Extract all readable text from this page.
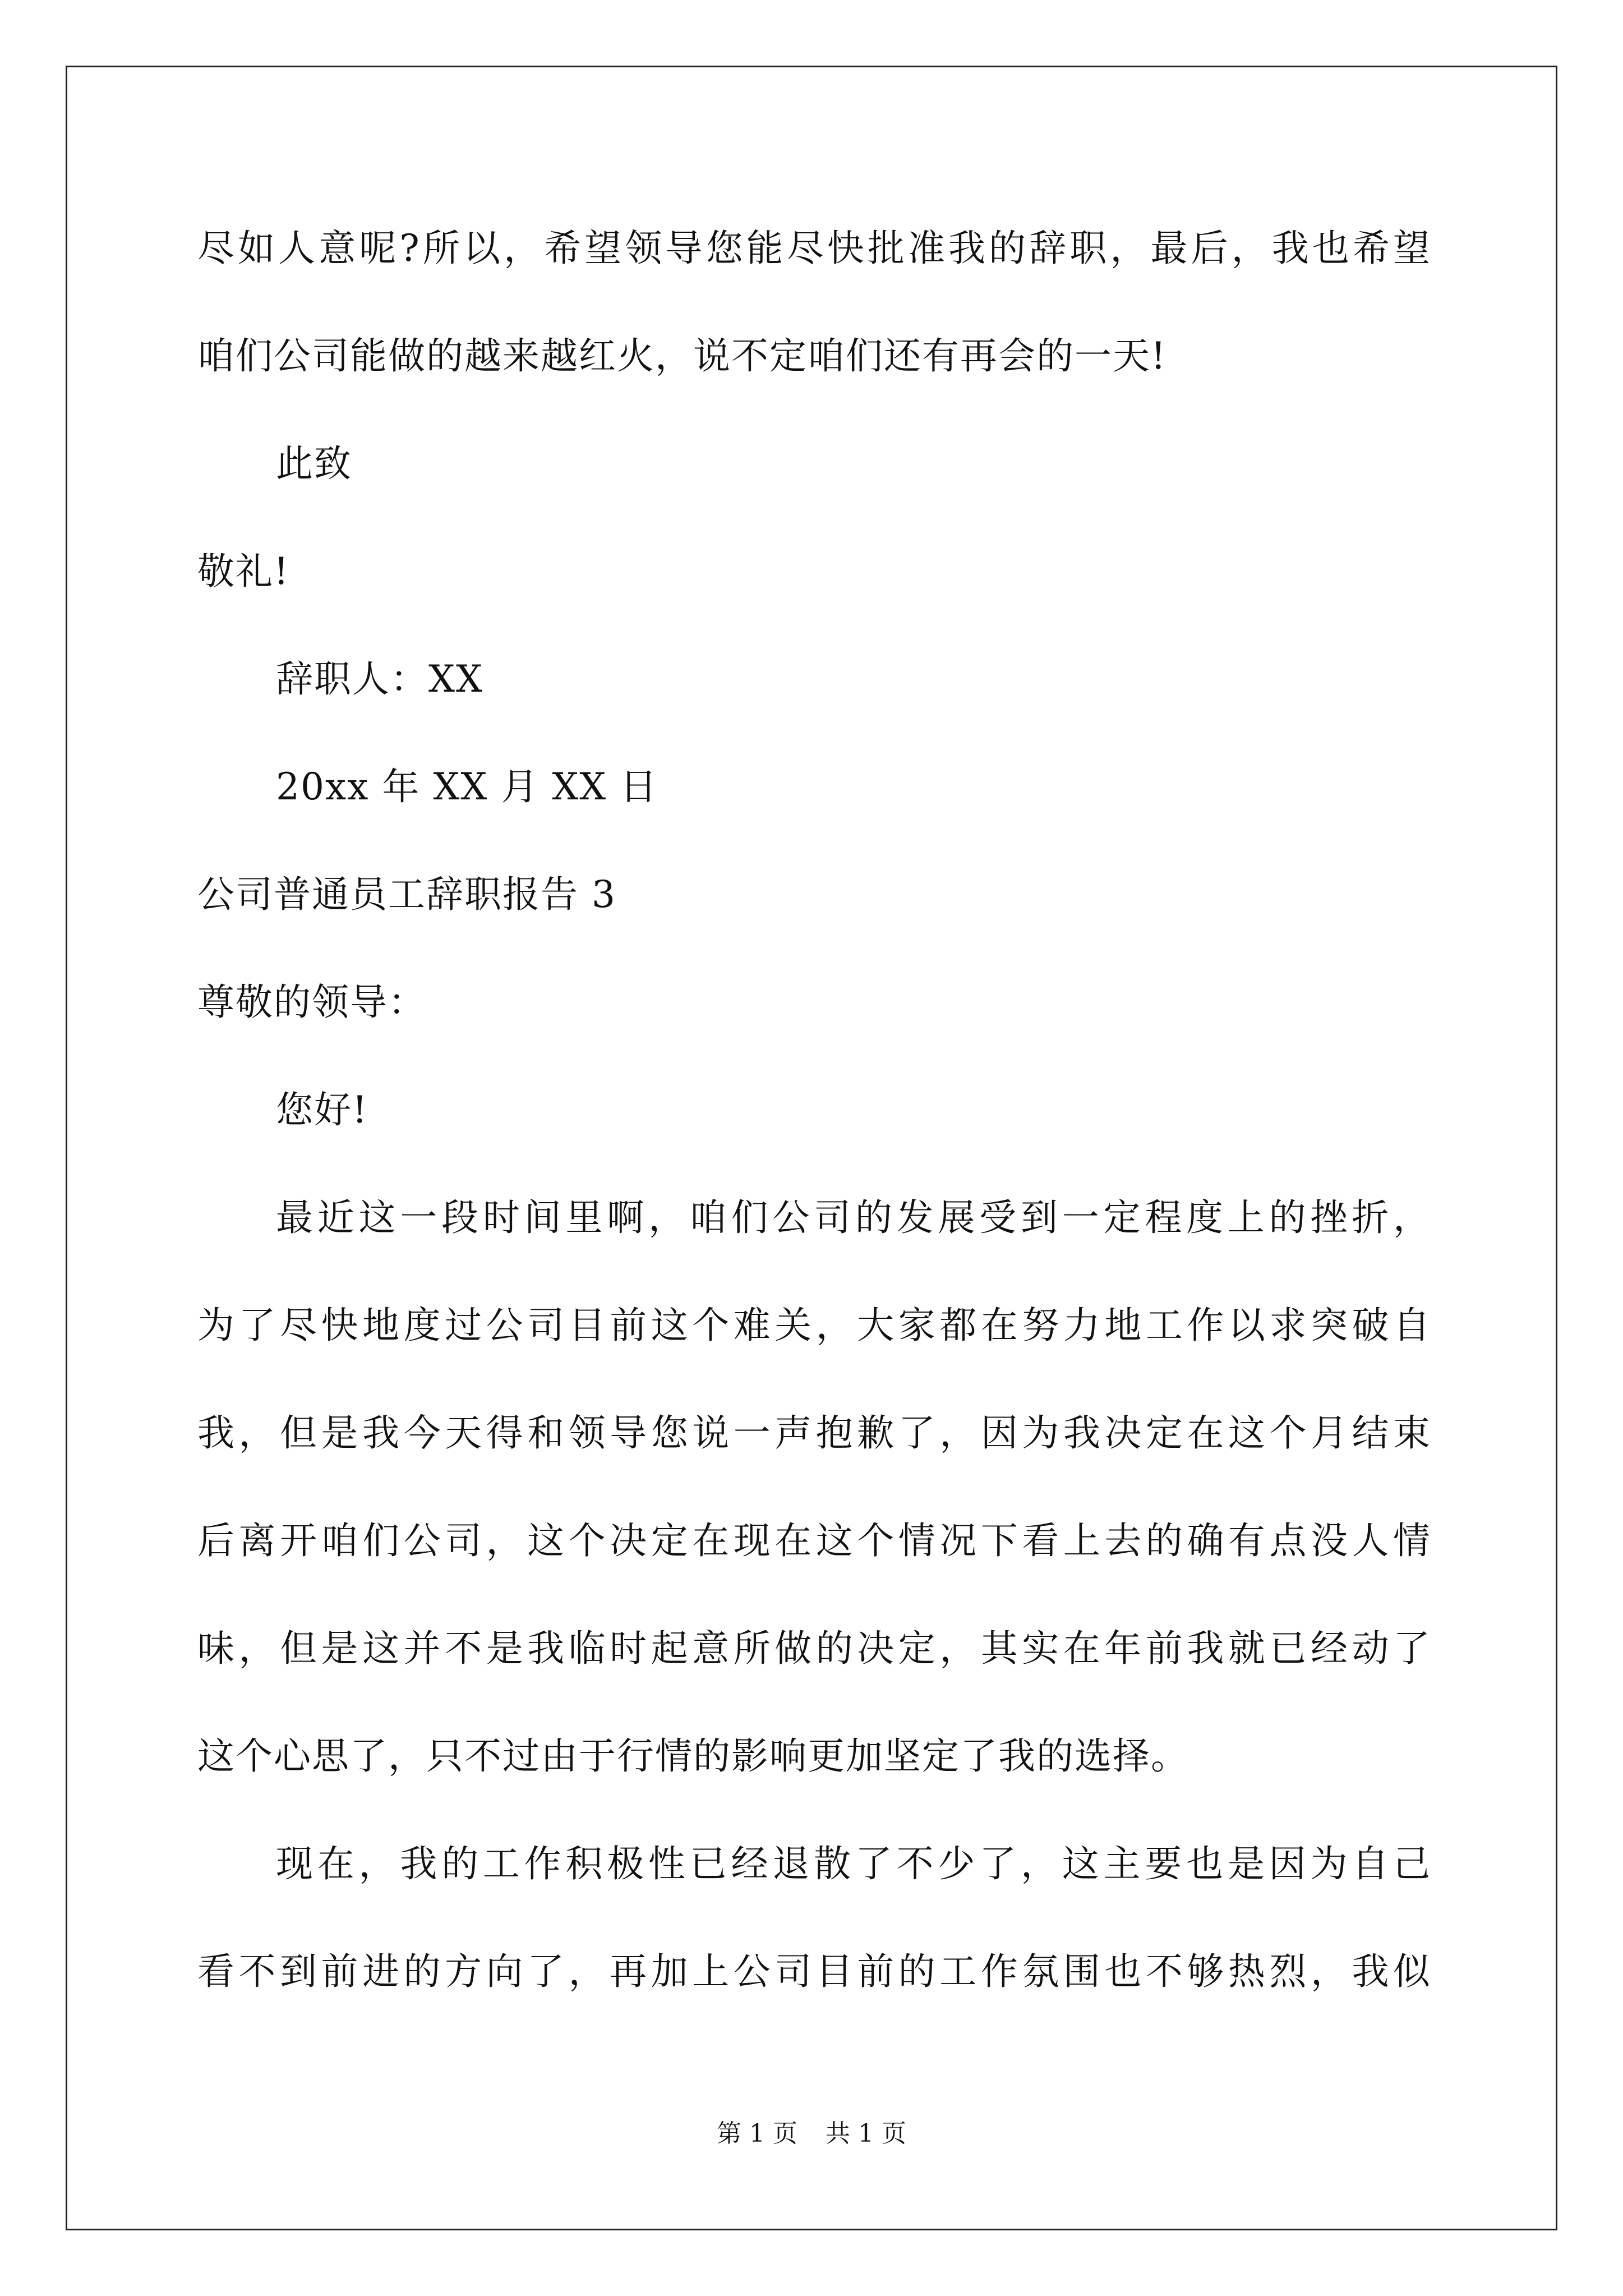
尽如人意呢?所以，希望领导您能尽快批准我的辞职，最后，我也希望
咱们公司能做的越来越红火，说不定咱们还有再会的一天!
此致
敬礼!
辞职人：XX
20xx 年 XX 月 XX 日
公司普通员工辞职报告 3
尊敬的领导：
您好!
最近这一段时间里啊，咱们公司的发展受到一定程度上的挫折，
为了尽快地度过公司目前这个难关，大家都在努力地工作以求突破自
我，但是我今天得和领导您说一声抱歉了，因为我决定在这个月结束
后离开咱们公司，这个决定在现在这个情况下看上去的确有点没人情
味，但是这并不是我临时起意所做的决定，其实在年前我就已经动了
这个心思了，只不过由于行情的影响更加坚定了我的选择。
现在，我的工作积极性已经退散了不少了，这主要也是因为自己
看不到前进的方向了，再加上公司目前的工作氛围也不够热烈，我似
第 1 页 共 1 页
